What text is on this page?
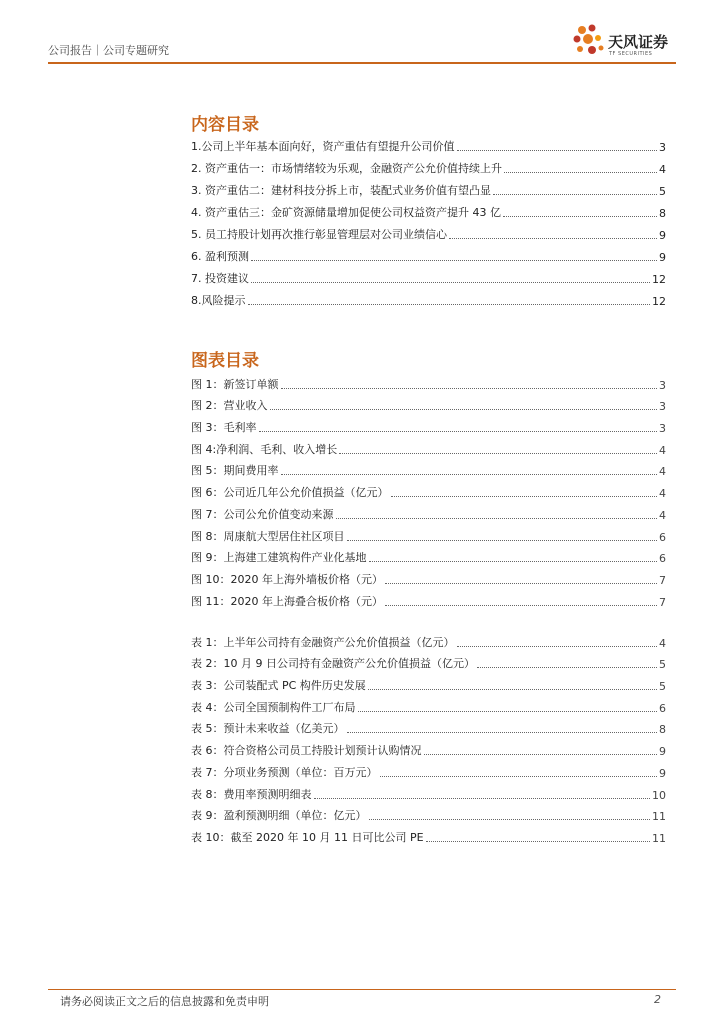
公司报告｜公司专题研究	天风证券
TF SECURITIES
内容目录
1.公司上半年基本面向好，资产重估有望提升公司价值	3
2. 资产重估一：市场情绪较为乐观，金融资产公允价值持续上升	4
3. 资产重估二：建材科技分拆上市，装配式业务价值有望凸显	5
4. 资产重估三：金矿资源储量增加促使公司权益资产提升 43 亿	8
5. 员工持股计划再次推行彰显管理层对公司业绩信心	9
6. 盈利预测	9
7. 投资建议	12
8.风险提示	12
图表目录
图 1：新签订单额	3
图 2：营业收入	3
图 3：毛利率	3
图 4:净利润、毛利、收入增长	4
图 5：期间费用率	4
图 6：公司近几年公允价值损益（亿元）	4
图 7：公司公允价值变动来源	4
图 8：周康航大型居住社区项目	6
图 9：上海建工建筑构件产业化基地	6
图 10：2020 年上海外墙板价格（元）	7
图 11：2020 年上海叠合板价格（元）	7
表 1：上半年公司持有金融资产公允价值损益（亿元）	4
表 2：10 月 9 日公司持有金融资产公允价值损益（亿元）	5
表 3：公司装配式 PC 构件历史发展	5
表 4：公司全国预制构件工厂布局	6
表 5：预计未来收益（亿美元）	8
表 6：符合资格公司员工持股计划预计认购情况	9
表 7：分项业务预测（单位：百万元）	9
表 8：费用率预测明细表	10
表 9：盈利预测明细（单位：亿元）	11
表 10：截至 2020 年 10 月 11 日可比公司 PE	11
请务必阅读正文之后的信息披露和免责申明	2
